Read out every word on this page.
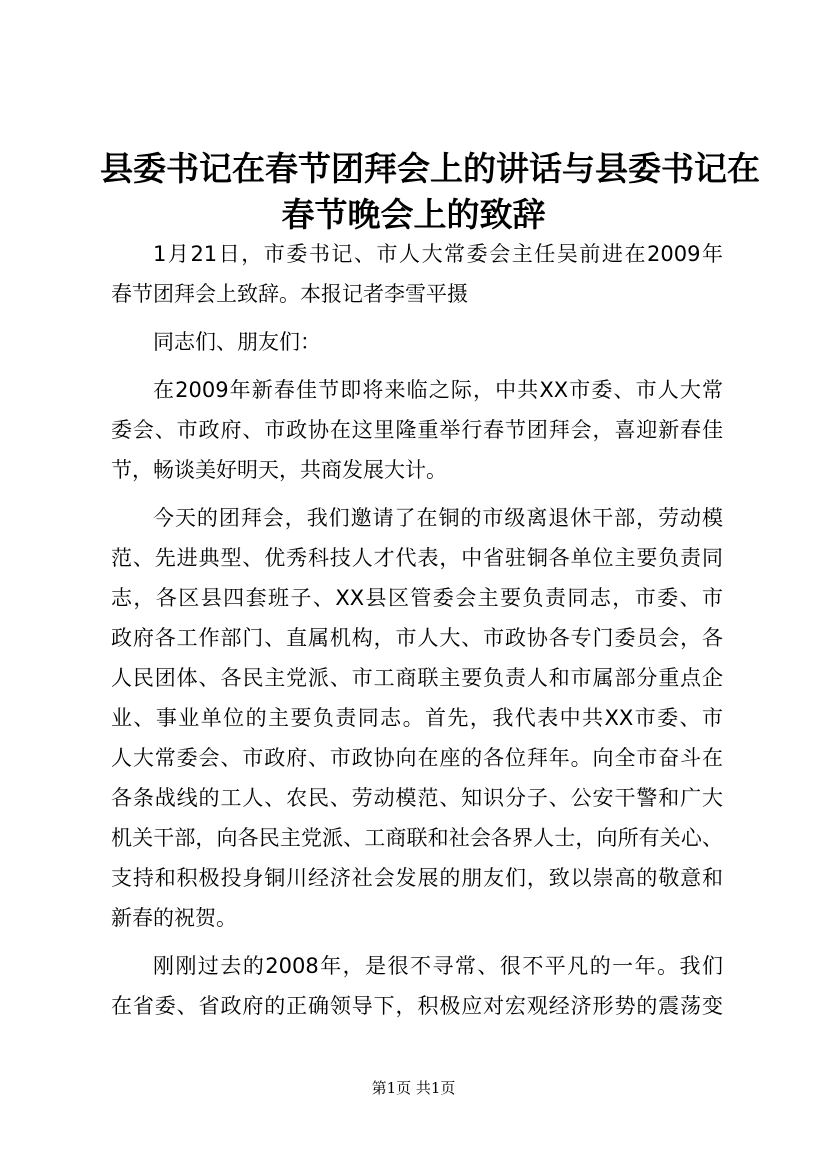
县委书记在春节团拜会上的讲话与县委书记在
春节晚会上的致辞
1月21日，市委书记、市人大常委会主任吴前进在2009年
春节团拜会上致辞。本报记者李雪平摄
同志们、朋友们：
在2009年新春佳节即将来临之际，中共XX市委、市人大常
委会、市政府、市政协在这里隆重举行春节团拜会，喜迎新春佳
节，畅谈美好明天，共商发展大计。
今天的团拜会，我们邀请了在铜的市级离退休干部，劳动模
范、先进典型、优秀科技人才代表，中省驻铜各单位主要负责同
志，各区县四套班子、XX县区管委会主要负责同志，市委、市
政府各工作部门、直属机构，市人大、市政协各专门委员会，各
人民团体、各民主党派、市工商联主要负责人和市属部分重点企
业、事业单位的主要负责同志。首先，我代表中共XX市委、市
人大常委会、市政府、市政协向在座的各位拜年。向全市奋斗在
各条战线的工人、农民、劳动模范、知识分子、公安干警和广大
机关干部，向各民主党派、工商联和社会各界人士，向所有关心、
支持和积极投身铜川经济社会发展的朋友们，致以崇高的敬意和
新春的祝贺。
刚刚过去的2008年，是很不寻常、很不平凡的一年。我们
在省委、省政府的正确领导下，积极应对宏观经济形势的震荡变
第1页 共1页
